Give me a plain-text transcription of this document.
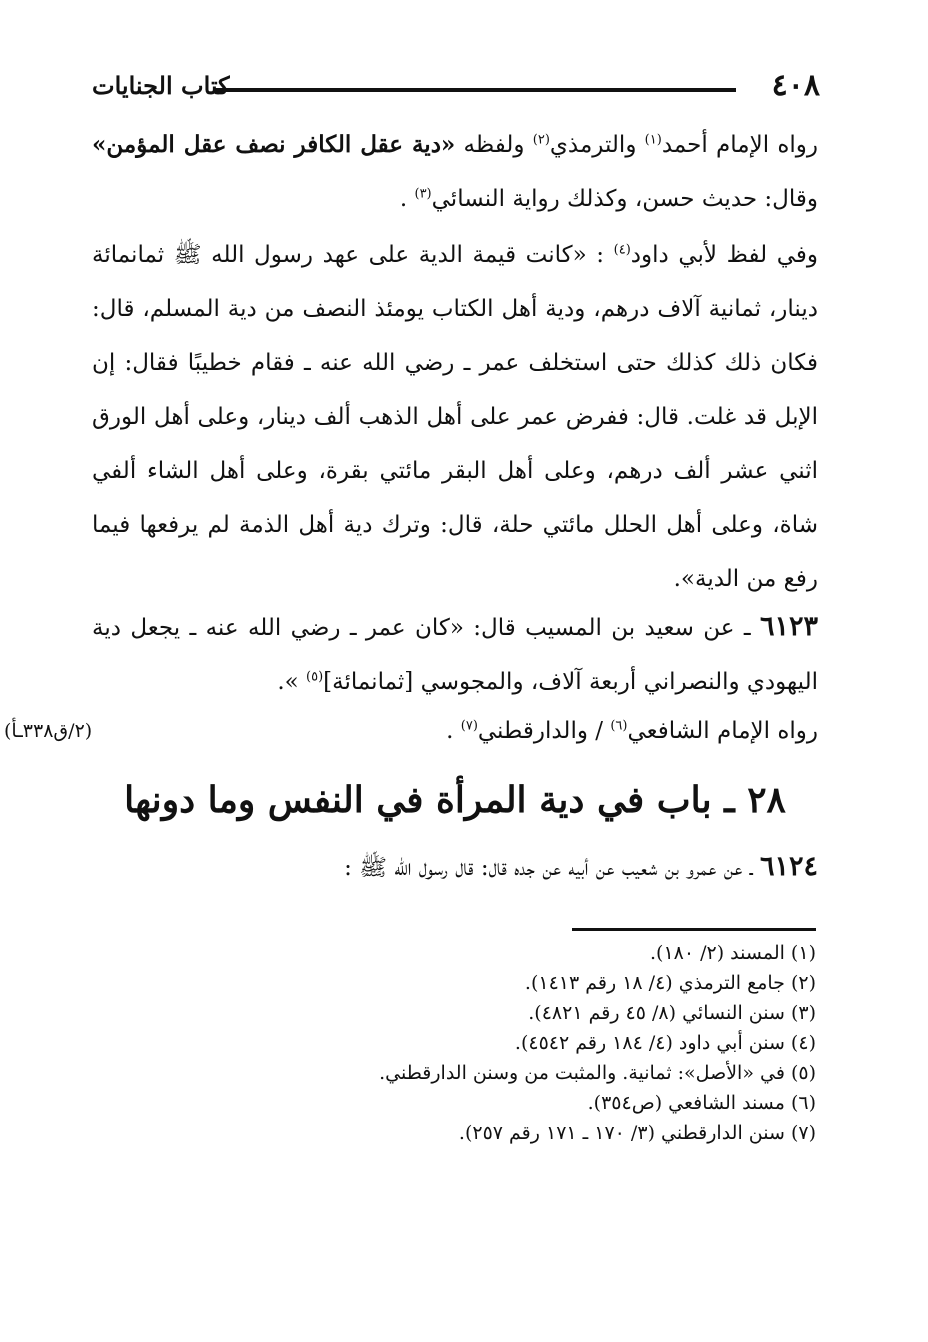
٤٠٨
كتاب الجنايات
رواه الإمام أحمد$^{(١)}$ والترمذي$^{(٢)}$ ولفظه «دية عقل الكافر نصف عقل المؤمن» وقال: حديث حسن، وكذلك رواية النسائي$^{(٣)}$ .
وفي لفظ لأبي داود$^{(٤)}$ : «كانت قيمة الدية على عهد رسول الله ﷺ ثمانمائة دينار، ثمانية آلاف درهم، ودية أهل الكتاب يومئذ النصف من دية المسلم، قال: فكان ذلك كذلك حتى استخلف عمر ـ رضي الله عنه ـ فقام خطيبًا فقال: إن الإبل قد غلت. قال: ففرض عمر على أهل الذهب ألف دينار، وعلى أهل الورق اثني عشر ألف درهم، وعلى أهل البقر مائتي بقرة، وعلى أهل الشاء ألفي شاة، وعلى أهل الحلل مائتي حلة، قال: وترك دية أهل الذمة لم يرفعها فيما رفع من الدية».
٦١٢٣ ـ عن سعيد بن المسيب قال: «كان عمر ـ رضي الله عنه ـ يجعل دية اليهودي والنصراني أربعة آلاف، والمجوسي [ثمانمائة]$^{(٥)}$ ».
رواه الإمام الشافعي$^{(٦)}$ / والدارقطني$^{(٧)}$ .
(٢/ق٣٣٨ـأ)
٢٨ ـ باب في دية المرأة في النفس وما دونها
٦١٢٤ ـ عن عمرو بن شعيب عن أبيه عن جده قال: قال رسول الله ﷺ :
(١) المسند (٢/ ١٨٠).
(٢) جامع الترمذي (٤/ ١٨ رقم ١٤١٣).
(٣) سنن النسائي (٨/ ٤٥ رقم ٤٨٢١).
(٤) سنن أبي داود (٤/ ١٨٤ رقم ٤٥٤٢).
(٥) في «الأصل»: ثمانية. والمثبت من وسنن الدارقطني.
(٦) مسند الشافعي (ص٣٥٤).
(٧) سنن الدارقطني (٣/ ١٧٠ ـ ١٧١ رقم ٢٥٧).
